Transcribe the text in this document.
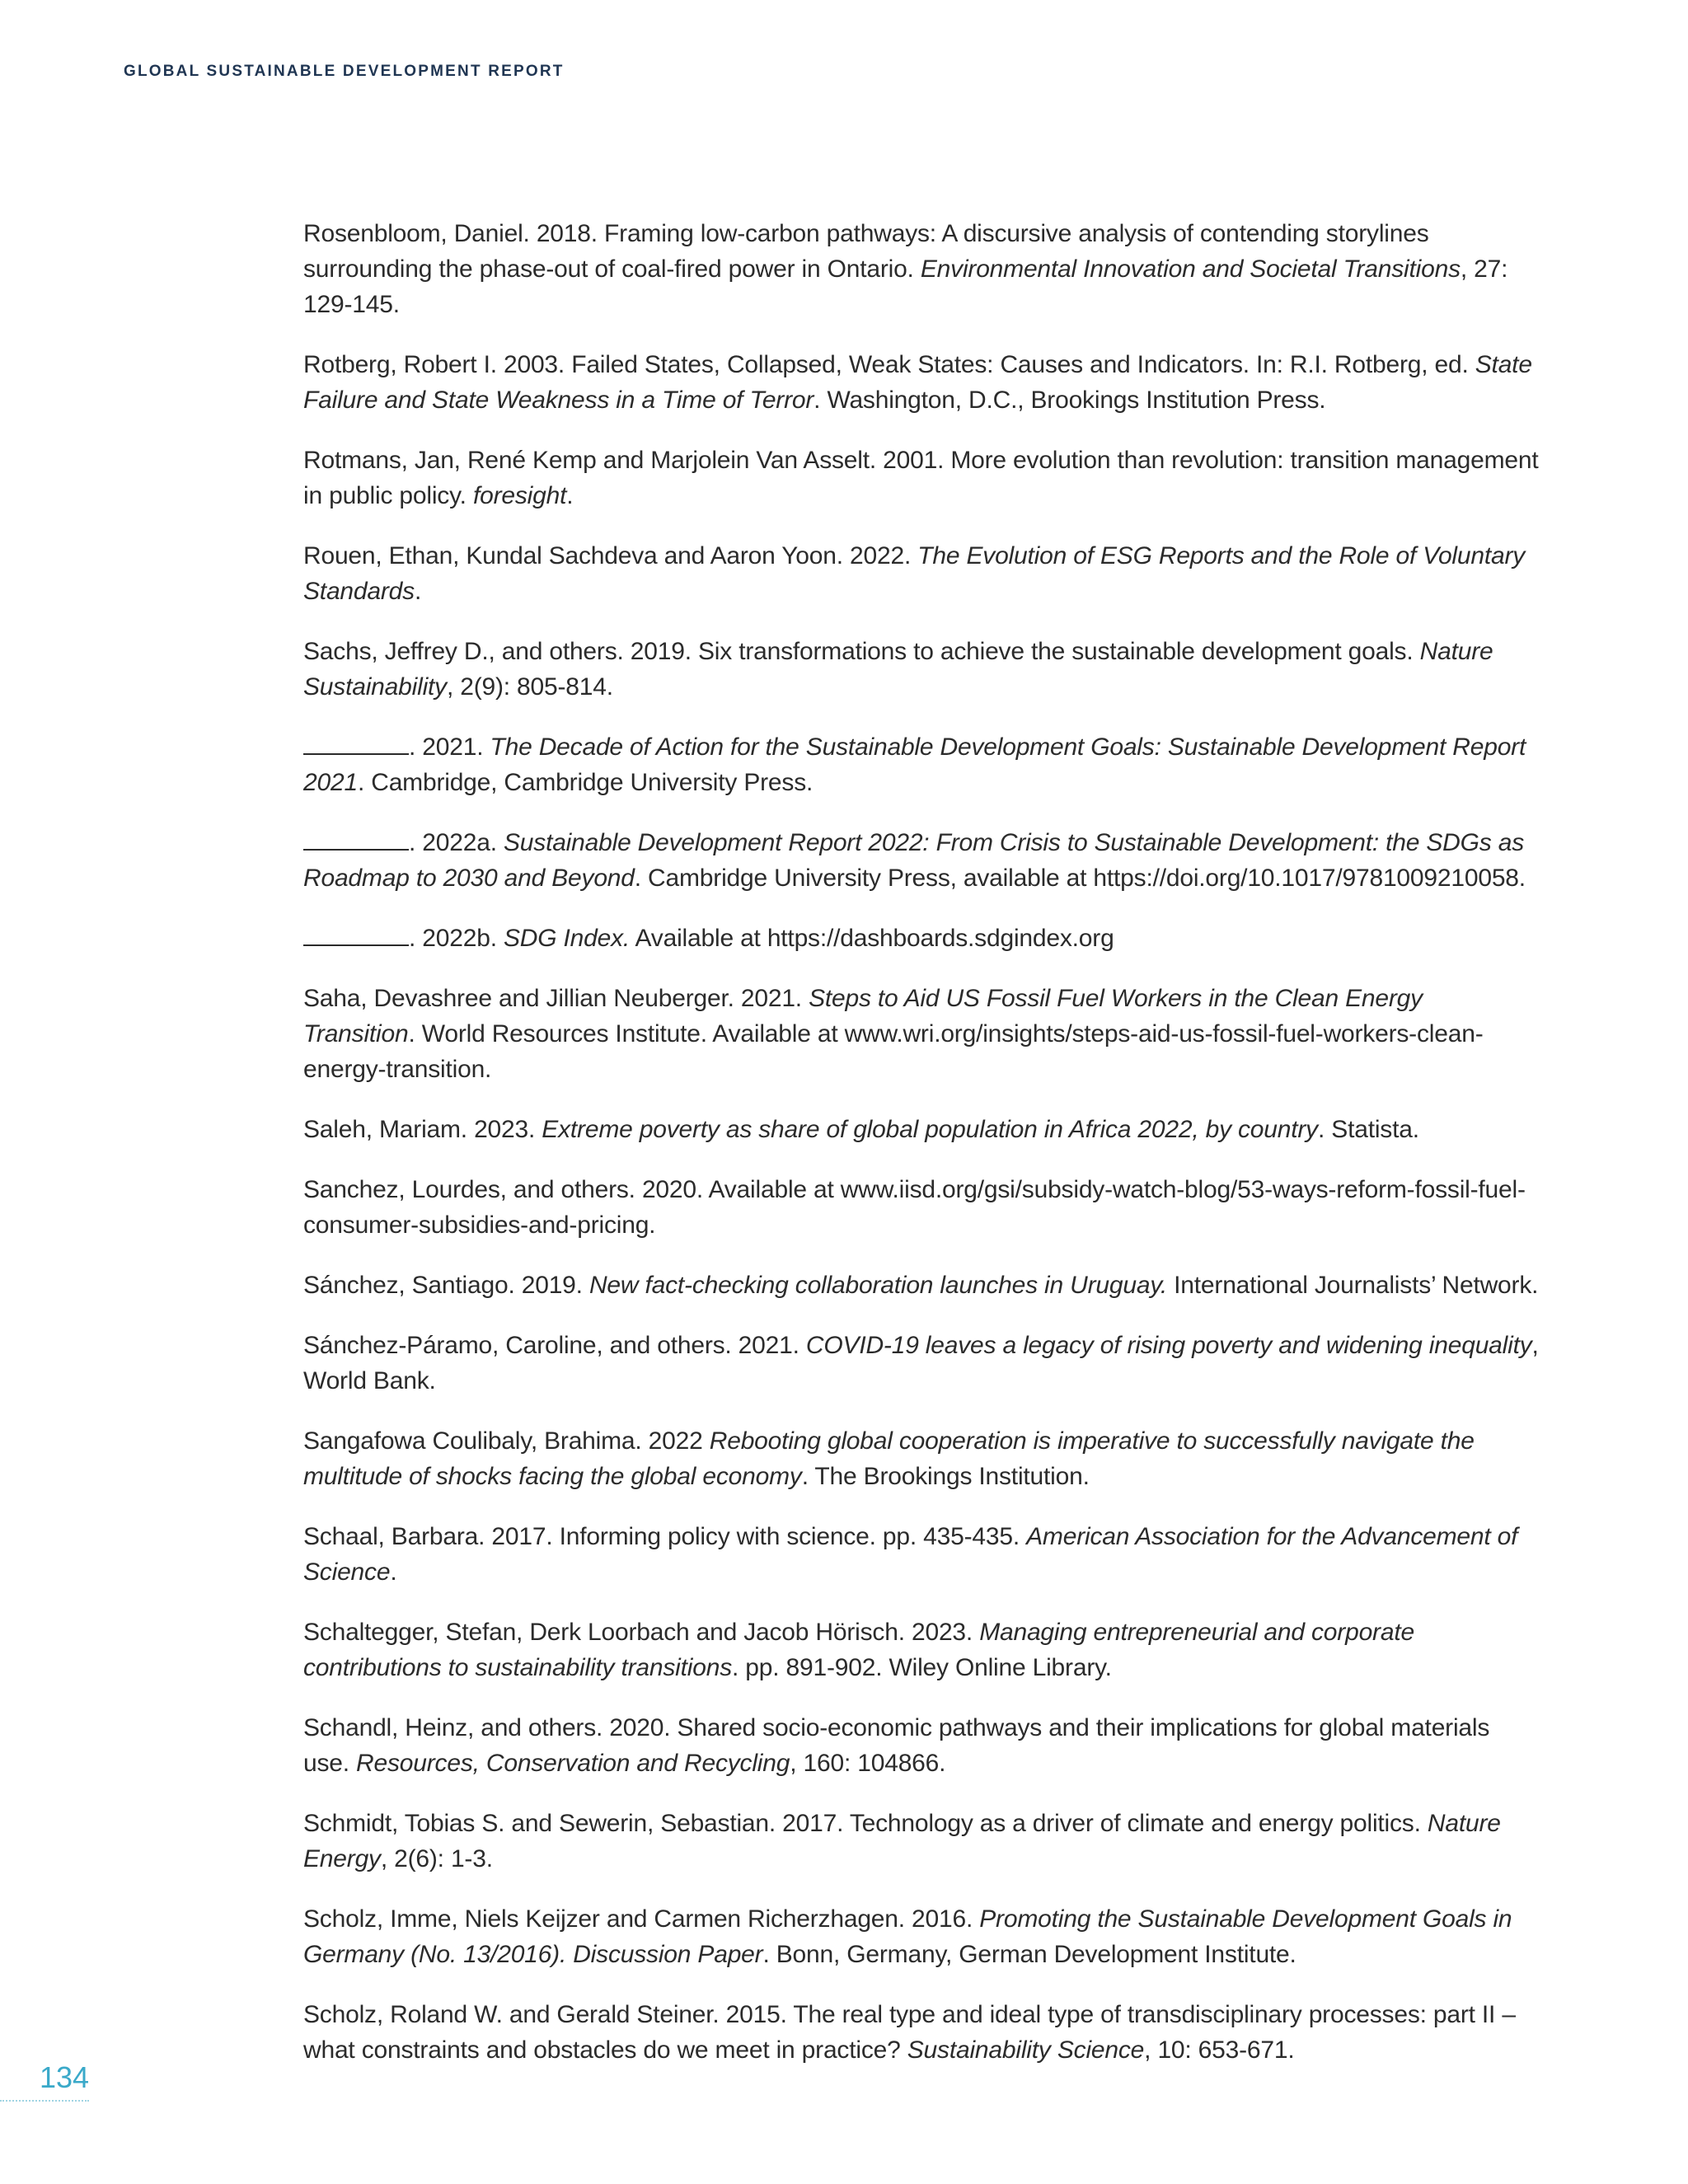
GLOBAL SUSTAINABLE DEVELOPMENT REPORT
Rosenbloom, Daniel. 2018. Framing low-carbon pathways: A discursive analysis of contending storylines surrounding the phase-out of coal-fired power in Ontario. Environmental Innovation and Societal Transitions, 27: 129-145.
Rotberg, Robert I. 2003. Failed States, Collapsed, Weak States: Causes and Indicators. In: R.I. Rotberg, ed. State Failure and State Weakness in a Time of Terror. Washington, D.C., Brookings Institution Press.
Rotmans, Jan, René Kemp and Marjolein Van Asselt. 2001. More evolution than revolution: transition management in public policy. foresight.
Rouen, Ethan, Kundal Sachdeva and Aaron Yoon. 2022. The Evolution of ESG Reports and the Role of Voluntary Standards.
Sachs, Jeffrey D., and others. 2019. Six transformations to achieve the sustainable development goals. Nature Sustainability, 2(9): 805-814.
. 2021. The Decade of Action for the Sustainable Development Goals: Sustainable Development Report 2021. Cambridge, Cambridge University Press.
. 2022a. Sustainable Development Report 2022: From Crisis to Sustainable Development: the SDGs as Roadmap to 2030 and Beyond. Cambridge University Press, available at https://doi.org/10.1017/9781009210058.
. 2022b. SDG Index. Available at https://dashboards.sdgindex.org
Saha, Devashree and Jillian Neuberger. 2021. Steps to Aid US Fossil Fuel Workers in the Clean Energy Transition. World Resources Institute. Available at www.wri.org/insights/steps-aid-us-fossil-fuel-workers-clean-energy-transition.
Saleh, Mariam. 2023. Extreme poverty as share of global population in Africa 2022, by country. Statista.
Sanchez, Lourdes, and others. 2020. Available at www.iisd.org/gsi/subsidy-watch-blog/53-ways-reform-fossil-fuel-consumer-subsidies-and-pricing.
Sánchez, Santiago. 2019. New fact-checking collaboration launches in Uruguay. International Journalists’ Network.
Sánchez-Páramo, Caroline, and others. 2021. COVID-19 leaves a legacy of rising poverty and widening inequality, World Bank.
Sangafowa Coulibaly, Brahima. 2022 Rebooting global cooperation is imperative to successfully navigate the multitude of shocks facing the global economy. The Brookings Institution.
Schaal, Barbara. 2017. Informing policy with science. pp. 435-435. American Association for the Advancement of Science.
Schaltegger, Stefan, Derk Loorbach and Jacob Hörisch. 2023. Managing entrepreneurial and corporate contributions to sustainability transitions. pp. 891-902. Wiley Online Library.
Schandl, Heinz, and others. 2020. Shared socio-economic pathways and their implications for global materials use. Resources, Conservation and Recycling, 160: 104866.
Schmidt, Tobias S. and Sewerin, Sebastian. 2017. Technology as a driver of climate and energy politics. Nature Energy, 2(6): 1-3.
Scholz, Imme, Niels Keijzer and Carmen Richerzhagen. 2016. Promoting the Sustainable Development Goals in Germany (No. 13/2016). Discussion Paper. Bonn, Germany, German Development Institute.
Scholz, Roland W. and Gerald Steiner. 2015. The real type and ideal type of transdisciplinary processes: part II – what constraints and obstacles do we meet in practice? Sustainability Science, 10: 653-671.
134
